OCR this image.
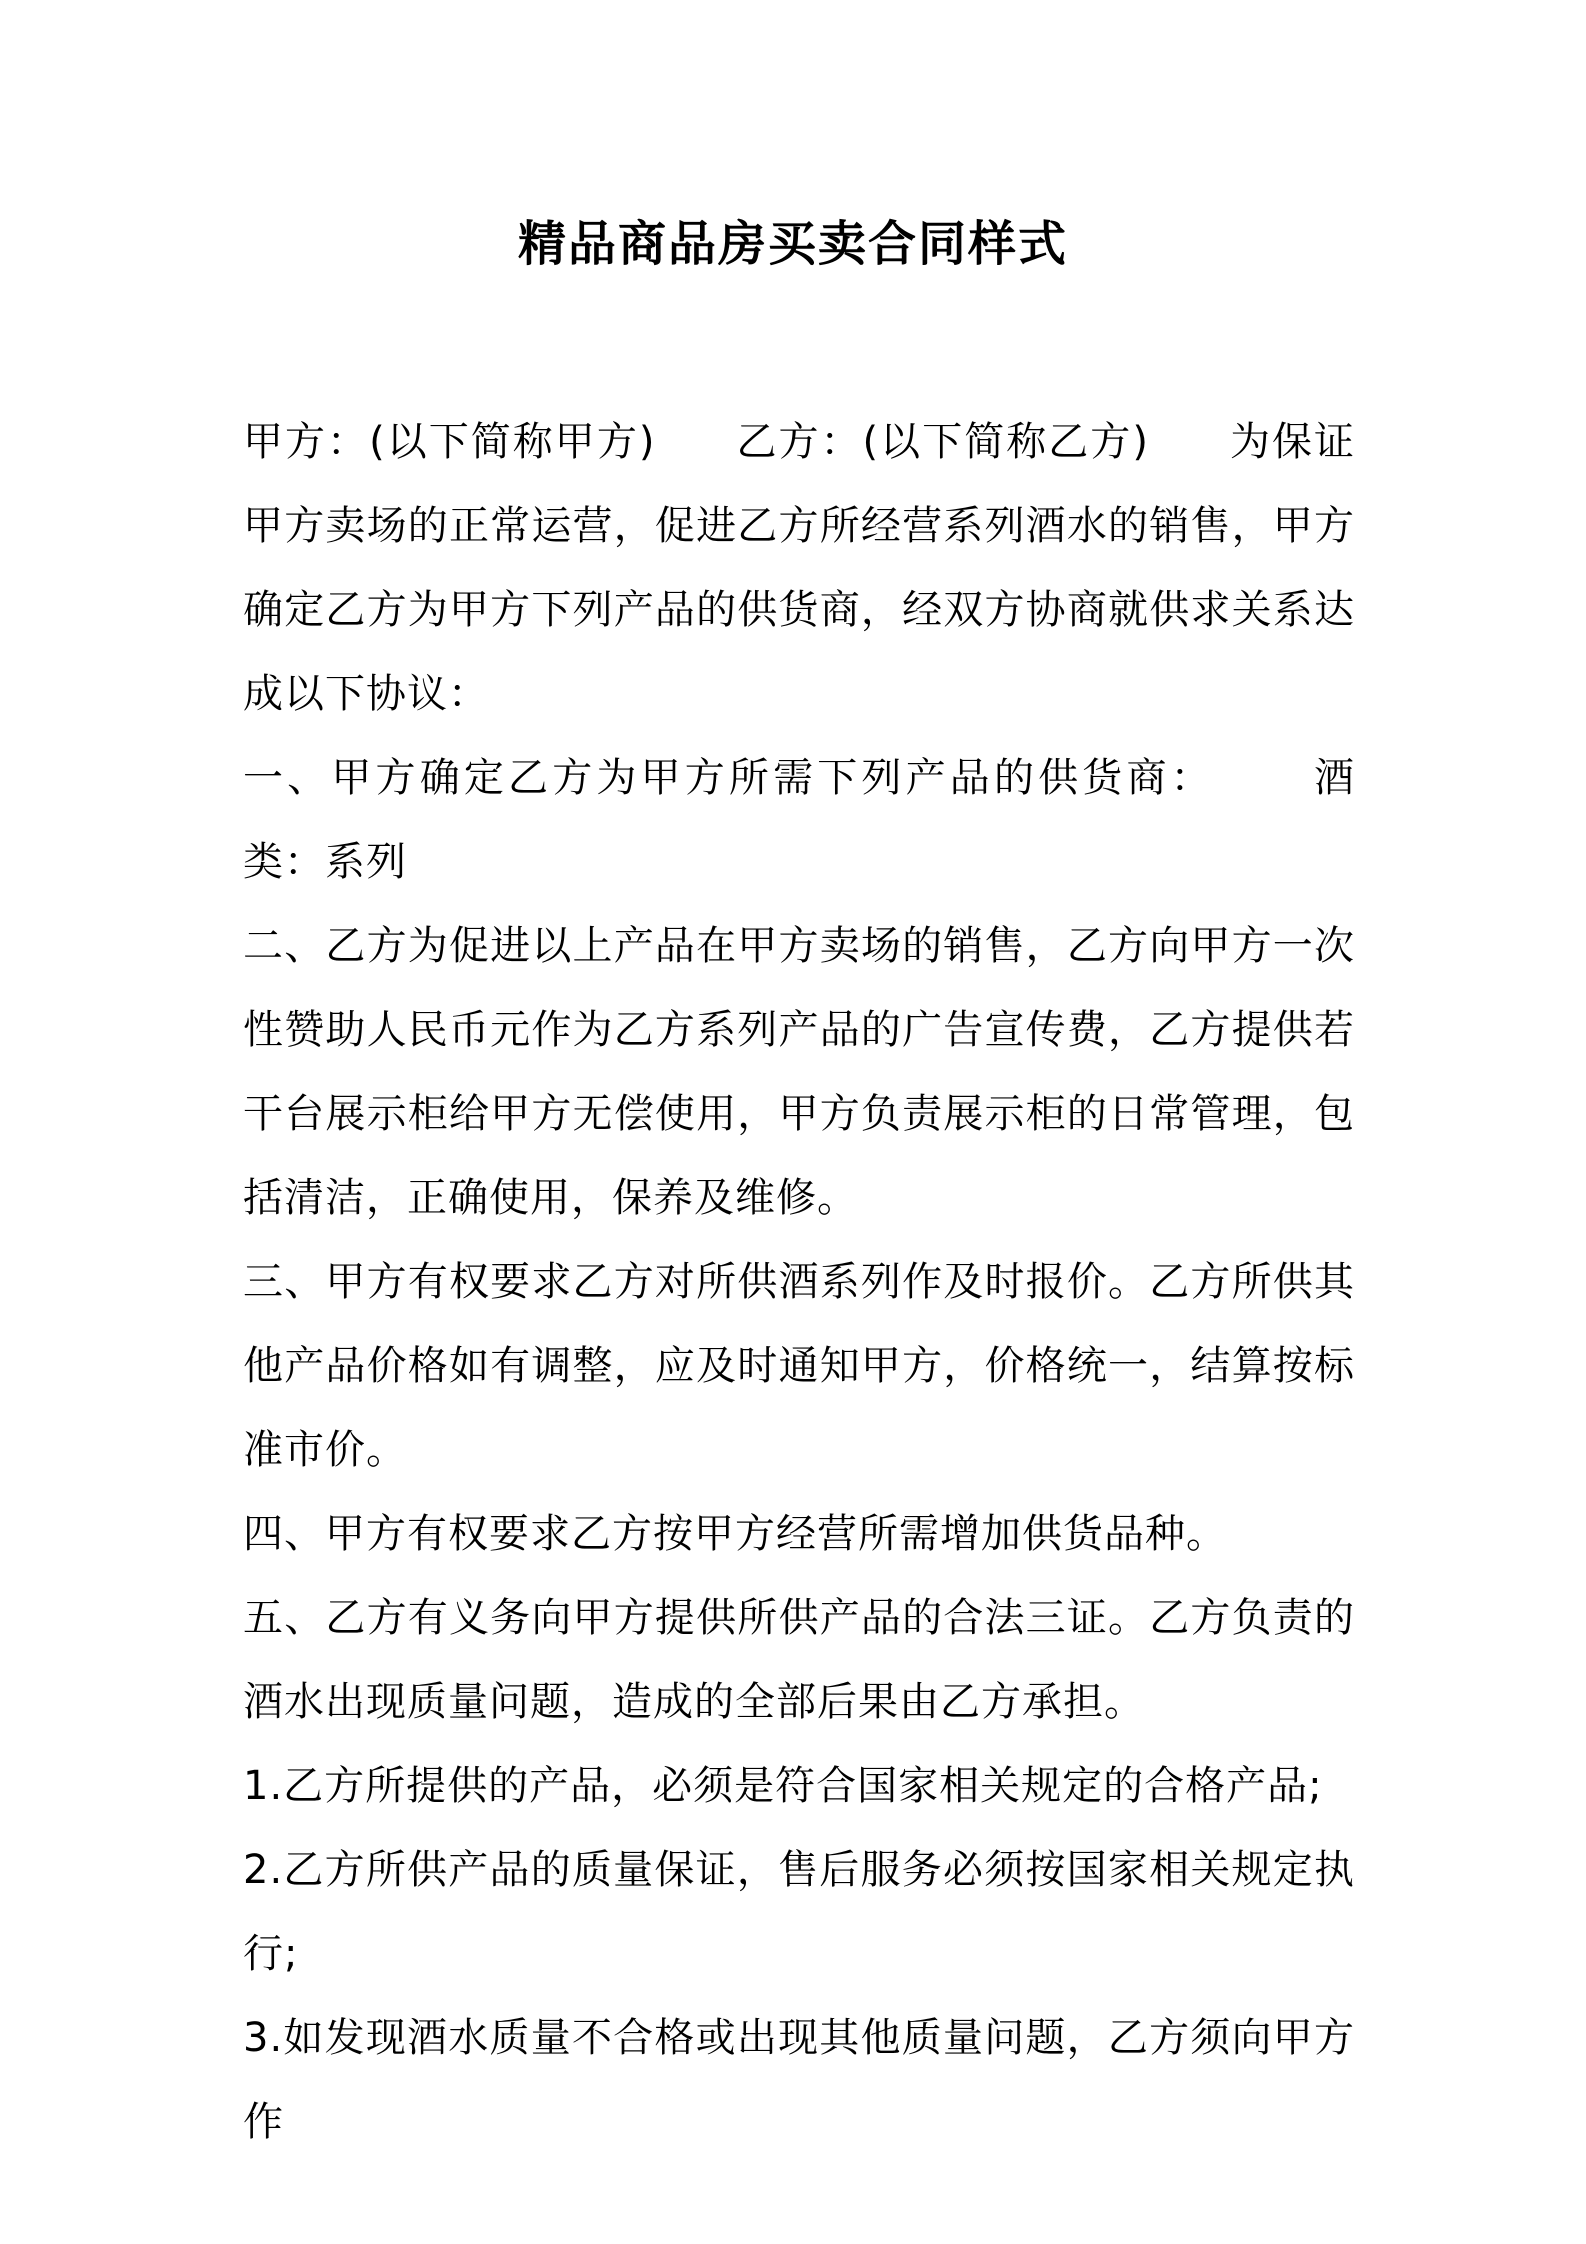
精品商品房买卖合同样式

甲方：(以下简称甲方) 乙方：(以下简称乙方) 为保证甲方卖场的正常运营，促进乙方所经营系列酒水的销售，甲方确定乙方为甲方下列产品的供货商，经双方协商就供求关系达成以下协议：

一、甲方确定乙方为甲方所需下列产品的供货商： 酒类：系列

二、乙方为促进以上产品在甲方卖场的销售，乙方向甲方一次性赞助人民币元作为乙方系列产品的广告宣传费，乙方提供若干台展示柜给甲方无偿使用，甲方负责展示柜的日常管理，包括清洁，正确使用，保养及维修。

三、甲方有权要求乙方对所供酒系列作及时报价。乙方所供其他产品价格如有调整，应及时通知甲方，价格统一，结算按标准市价。

四、甲方有权要求乙方按甲方经营所需增加供货品种。

五、乙方有义务向甲方提供所供产品的合法三证。乙方负责的酒水出现质量问题，造成的全部后果由乙方承担。

1.乙方所提供的产品，必须是符合国家相关规定的合格产品;

2.乙方所供产品的质量保证，售后服务必须按国家相关规定执行;

3.如发现酒水质量不合格或出现其他质量问题，乙方须向甲方作
